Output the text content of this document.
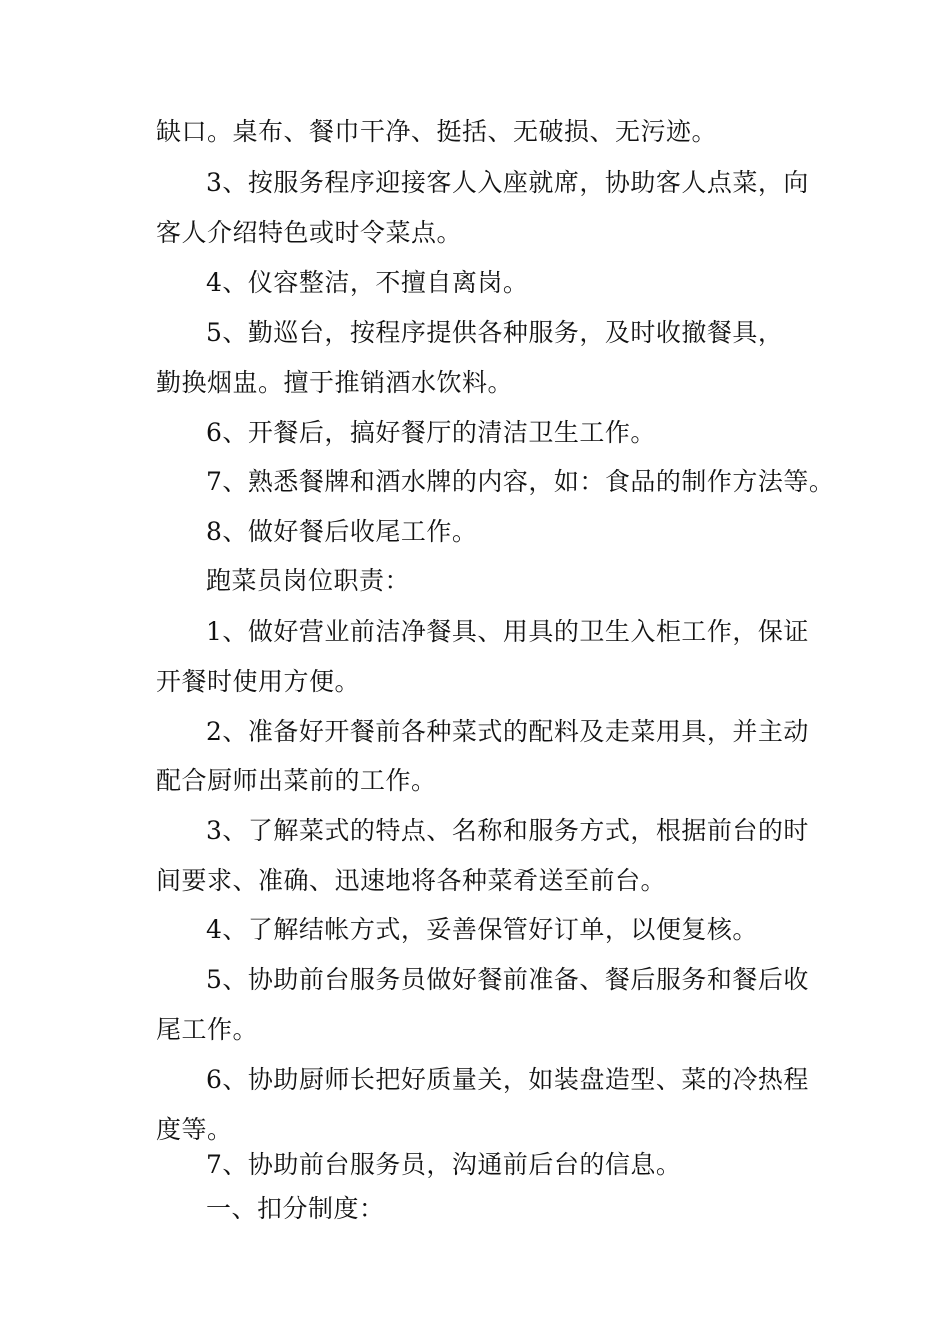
缺口。桌布、餐巾干净、挺括、无破损、无污迹。
3、按服务程序迎接客人入座就席，协助客人点菜，向
客人介绍特色或时令菜点。
4、仪容整洁，不擅自离岗。
5、勤巡台，按程序提供各种服务，及时收撤餐具，
勤换烟盅。擅于推销酒水饮料。
6、开餐后，搞好餐厅的清洁卫生工作。
7、熟悉餐牌和酒水牌的内容，如：食品的制作方法等。
8、做好餐后收尾工作。
跑菜员岗位职责：
1、做好营业前洁净餐具、用具的卫生入柜工作，保证
开餐时使用方便。
2、准备好开餐前各种菜式的配料及走菜用具，并主动
配合厨师出菜前的工作。
3、了解菜式的特点、名称和服务方式，根据前台的时
间要求、准确、迅速地将各种菜肴送至前台。
4、了解结帐方式，妥善保管好订单，以便复核。
5、协助前台服务员做好餐前准备、餐后服务和餐后收
尾工作。
6、协助厨师长把好质量关，如装盘造型、菜的冷热程
度等。
7、协助前台服务员，沟通前后台的信息。
一、扣分制度：
